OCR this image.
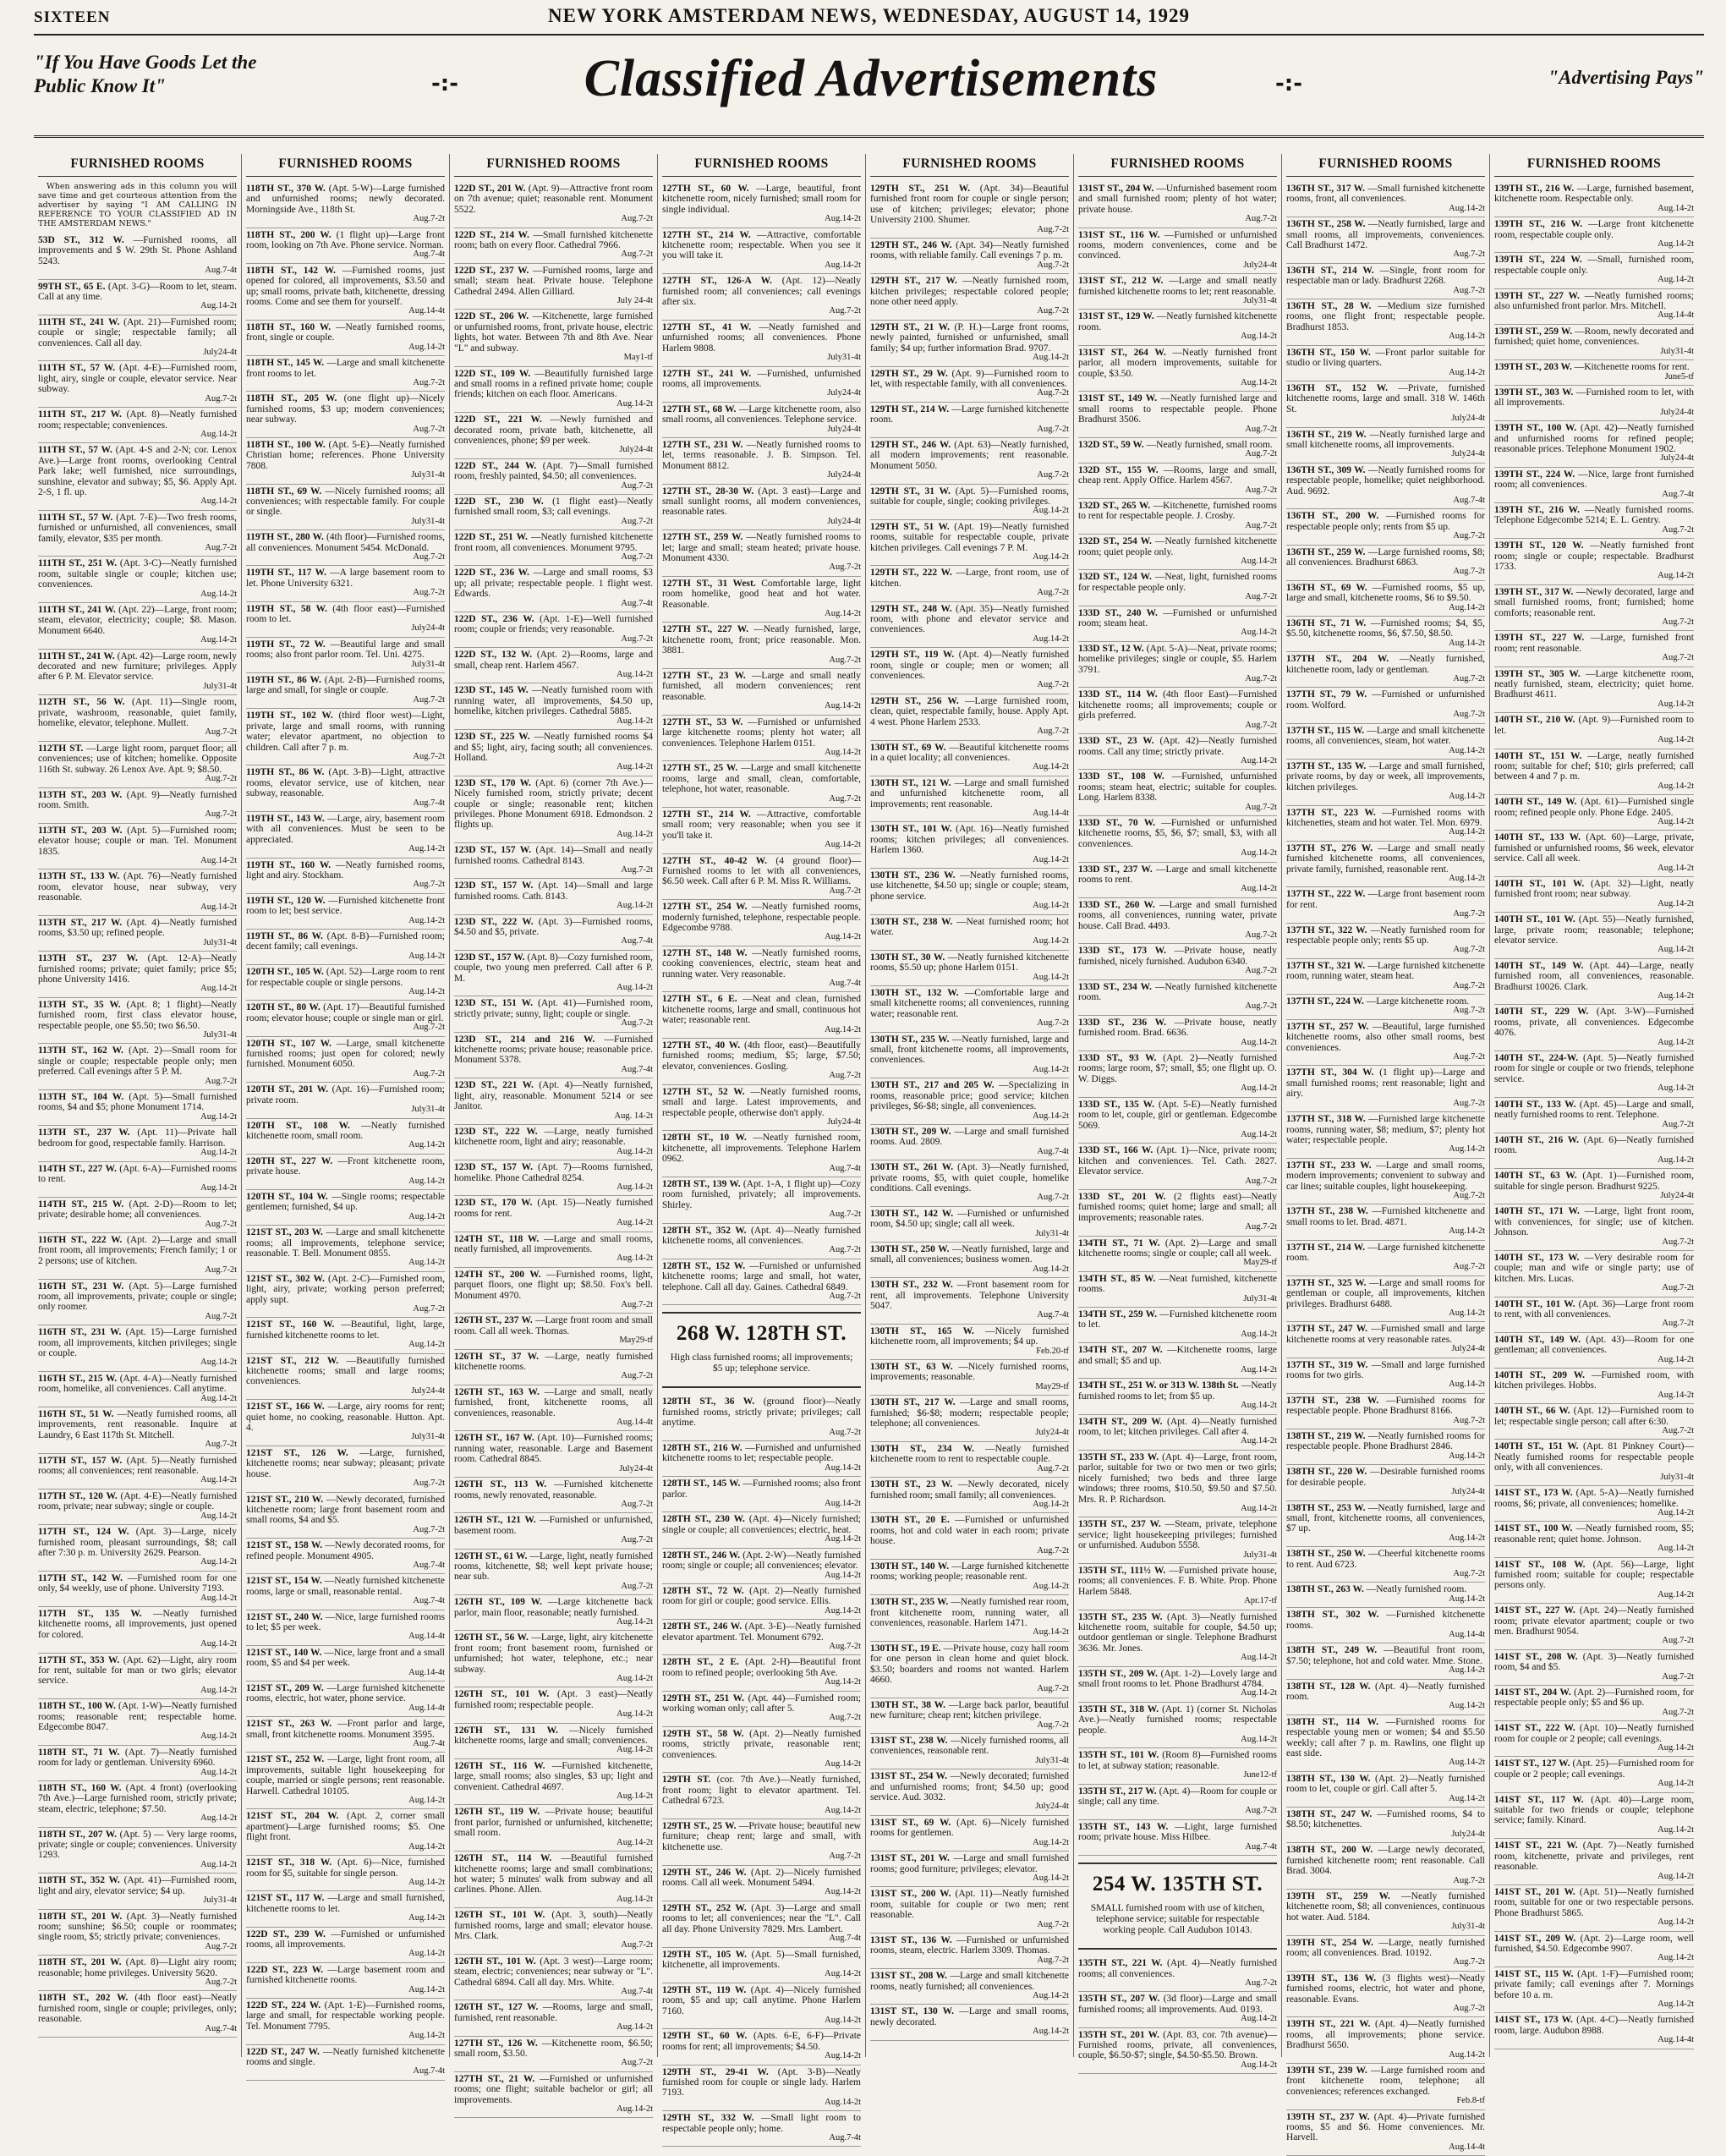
SIXTEEN	NEW YORK AMSTERDAM NEWS, WEDNESDAY, AUGUST 14, 1929
"If You Have Goods Let the Public Know It"	-:-	Classified Advertisements	-:-	"Advertising Pays"
FURNISHED ROOMS
When answering ads in this column you will save time and get courteous attention from the advertiser by saying "I AM CALLING IN REFERENCE TO YOUR CLASSIFIED AD IN THE AMSTERDAM NEWS."
53D ST., 312 W. —Furnished rooms, all improvements and $ W. 29th St. Phone Ashland 5243.
Aug.7-4t
99TH ST., 65 E. (Apt. 3-G)—Room to let, steam. Call at any time.
Aug.14-2t
111TH ST., 241 W. (Apt. 21)—Furnished room; couple or single; respectable family; all conveniences. Call all day.
July24-4t
111TH ST., 57 W. (Apt. 4-E)—Furnished room, light, airy, single or couple, elevator service. Near subway.
Aug.7-2t
111TH ST., 217 W. (Apt. 8)—Neatly furnished room; respectable; conveniences.
Aug.14-2t
111TH ST., 57 W. (Apt. 4-S and 2-N; cor. Lenox Ave.)—Large front rooms, overlooking Central Park lake; well furnished, nice surroundings, sunshine, elevator and subway; $5, $6. Apply Apt. 2-S, 1 fl. up.
Aug.14-2t
111TH ST., 57 W. (Apt. 7-E)—Two fresh rooms, furnished or unfurnished, all conveniences, small family, elevator, $35 per month.
Aug.7-2t
111TH ST., 251 W. (Apt. 3-C)—Neatly furnished room, suitable single or couple; kitchen use; conveniences.
Aug.14-2t
111TH ST., 241 W. (Apt. 22)—Large, front room; steam, elevator, electricity; couple; $8. Mason. Monument 6640.
Aug.14-2t
111TH ST., 241 W. (Apt. 42)—Large room, newly decorated and new furniture; privileges. Apply after 6 P. M. Elevator service.
July31-4t
112TH ST., 56 W. (Apt. 11)—Single room, private, washroom, reasonable, quiet family, homelike, elevator, telephone. Mullett.
Aug.7-2t
112TH ST. —Large light room, parquet floor; all conveniences; use of kitchen; homelike. Opposite 116th St. subway. 26 Lenox Ave. Apt. 9; $8.50.
Aug.7-2t
113TH ST., 203 W. (Apt. 9)—Neatly furnished room. Smith.
Aug.7-2t
113TH ST., 203 W. (Apt. 5)—Furnished room; elevator house; couple or man. Tel. Monument 1835.
Aug.14-2t
113TH ST., 133 W. (Apt. 76)—Neatly furnished room, elevator house, near subway, very reasonable.
Aug.14-2t
113TH ST., 217 W. (Apt. 4)—Neatly furnished rooms, $3.50 up; refined people.
July31-4t
113TH ST., 237 W. (Apt. 12-A)—Neatly furnished rooms; private; quiet family; price $5; phone University 1416.
Aug.14-2t
113TH ST., 35 W. (Apt. 8; 1 flight)—Neatly furnished room, first class elevator house, respectable people, one $5.50; two $6.50.
July31-4t
113TH ST., 162 W. (Apt. 2)—Small room for single or couple; respectable people only; men preferred. Call evenings after 5 P. M.
Aug.7-2t
113TH ST., 104 W. (Apt. 5)—Small furnished rooms, $4 and $5; phone Monument 1714.
Aug.14-2t
113TH ST., 237 W. (Apt. 11)—Private hall bedroom for good, respectable family. Harrison.
Aug.14-2t
114TH ST., 227 W. (Apt. 6-A)—Furnished rooms to rent.
Aug.14-2t
114TH ST., 215 W. (Apt. 2-D)—Room to let; private; desirable home; all conveniences.
Aug.7-2t
116TH ST., 222 W. (Apt. 2)—Large and small front room, all improvements; French family; 1 or 2 persons; use of kitchen.
Aug.7-2t
116TH ST., 231 W. (Apt. 5)—Large furnished room, all improvements, private; couple or single; only roomer.
Aug.7-2t
116TH ST., 231 W. (Apt. 15)—Large furnished room, all improvements, kitchen privileges; single or couple.
Aug.14-2t
116TH ST., 215 W. (Apt. 4-A)—Neatly furnished room, homelike, all conveniences. Call anytime.
Aug.14-2t
116TH ST., 51 W. —Neatly furnished rooms, all improvements, rent reasonable. Inquire at Laundry, 6 East 117th St. Mitchell.
Aug.7-2t
117TH ST., 157 W. (Apt. 5)—Neatly furnished rooms; all conveniences; rent reasonable.
Aug.14-2t
117TH ST., 120 W. (Apt. 4-E)—Neatly furnished room, private; near subway; single or couple.
Aug.14-2t
117TH ST., 124 W. (Apt. 3)—Large, nicely furnished room, pleasant surroundings, $8; call after 7:30 p. m. University 2629. Pearson.
Aug.14-2t
117TH ST., 142 W. —Furnished room for one only, $4 weekly, use of phone. University 7193.
Aug.14-2t
117TH ST., 135 W. —Neatly furnished kitchenette rooms, all improvements, just opened for colored.
Aug.14-2t
117TH ST., 353 W. (Apt. 62)—Light, airy room for rent, suitable for man or two girls; elevator service.
Aug.14-2t
118TH ST., 100 W. (Apt. 1-W)—Neatly furnished rooms; reasonable rent; respectable home. Edgecombe 8047.
Aug.14-2t
118TH ST., 71 W. (Apt. 7)—Neatly furnished room for lady or gentleman. University 6960.
Aug.14-2t
118TH ST., 160 W. (Apt. 4 front) (overlooking 7th Ave.)—Large furnished room, strictly private; steam, electric, telephone; $7.50.
Aug.14-2t
118TH ST., 207 W. (Apt. 5) — Very large rooms, private; single or couple; conveniences. University 1293.
Aug.14-2t
118TH ST., 352 W. (Apt. 41)—Furnished room, light and airy, elevator service; $4 up.
July31-4t
118TH ST., 201 W. (Apt. 3)—Neatly furnished room; sunshine; $6.50; couple or roommates; single room, $5; strictly private; conveniences.
Aug.7-2t
118TH ST., 201 W. (Apt. 8)—Light airy room; reasonable; home privileges. University 5620.
Aug.7-2t
118TH ST., 202 W. (4th floor east)—Neatly furnished room, single or couple; privileges, only; reasonable.
Aug.7-4t
FURNISHED ROOMS
118TH ST., 370 W. (Apt. 5-W)—Large furnished and unfurnished rooms; newly decorated. Morningside Ave., 118th St.
Aug.7-2t
118TH ST., 200 W. (1 flight up)—Large front room, looking on 7th Ave. Phone service. Norman.
Aug.7-4t
118TH ST., 142 W. —Furnished rooms, just opened for colored, all improvements, $3.50 and up; small rooms, private bath, kitchenette, dressing rooms. Come and see them for yourself.
Aug.14-4t
118TH ST., 160 W. —Neatly furnished rooms, front, single or couple.
Aug.14-2t
118TH ST., 145 W. —Large and small kitchenette front rooms to let.
Aug.7-2t
118TH ST., 205 W. (one flight up)—Nicely furnished rooms, $3 up; modern conveniences; near subway.
Aug.7-2t
118TH ST., 100 W. (Apt. 5-E)—Neatly furnished Christian home; references. Phone University 7808.
July31-4t
118TH ST., 69 W. —Nicely furnished rooms; all conveniences; with respectable family. For couple or single.
July31-4t
119TH ST., 280 W. (4th floor)—Furnished rooms, all conveniences. Monument 5454. McDonald.
Aug.7-2t
119TH ST., 117 W. —A large basement room to let. Phone University 6321.
Aug.7-2t
119TH ST., 58 W. (4th floor east)—Furnished room to let.
July24-4t
119TH ST., 72 W. —Beautiful large and small rooms; also front parlor room. Tel. Uni. 4275.
July31-4t
119TH ST., 86 W. (Apt. 2-B)—Furnished rooms, large and small, for single or couple.
Aug.7-2t
119TH ST., 102 W. (third floor west)—Light, private, large and small rooms, with running water; elevator apartment, no objection to children. Call after 7 p. m.
Aug.7-2t
119TH ST., 86 W. (Apt. 3-B)—Light, attractive rooms, elevator service, use of kitchen, near subway, reasonable.
Aug.7-4t
119TH ST., 143 W. —Large, airy, basement room with all conveniences. Must be seen to be appreciated.
Aug.14-2t
119TH ST., 160 W. —Neatly furnished rooms, light and airy. Stockham.
Aug.7-2t
119TH ST., 120 W. —Furnished kitchenette front room to let; best service.
Aug.14-2t
119TH ST., 86 W. (Apt. 8-B)—Furnished room; decent family; call evenings.
Aug.14-2t
120TH ST., 105 W. (Apt. 52)—Large room to rent for respectable couple or single persons.
Aug.14-2t
120TH ST., 80 W. (Apt. 17)—Beautiful furnished room; elevator house; couple or single man or girl.
Aug.7-2t
120TH ST., 107 W. —Large, small kitchenette furnished rooms; just open for colored; newly furnished. Monument 6050.
Aug.7-2t
120TH ST., 201 W. (Apt. 16)—Furnished room; private room.
July31-4t
120TH ST., 108 W. —Neatly furnished kitchenette room, small room.
Aug.14-2t
120TH ST., 227 W. —Front kitchenette room, private house.
Aug.14-2t
120TH ST., 104 W. —Single rooms; respectable gentlemen; furnished, $4 up.
Aug.14-2t
121ST ST., 203 W. —Large and small kitchenette rooms; all improvements, telephone service; reasonable. T. Bell. Monument 0855.
Aug.14-2t
121ST ST., 302 W. (Apt. 2-C)—Furnished room, light, airy, private; working person preferred; apply supt.
Aug.7-2t
121ST ST., 160 W. —Beautiful, light, large, furnished kitchenette rooms to let.
Aug.14-2t
121ST ST., 212 W. —Beautifully furnished kitchenette rooms; small and large rooms; conveniences.
July24-4t
121ST ST., 166 W. —Large, airy rooms for rent; quiet home, no cooking, reasonable. Hutton. Apt. 4.
July31-4t
121ST ST., 126 W. —Large, furnished, kitchenette rooms; near subway; pleasant; private house.
Aug.7-2t
121ST ST., 210 W. —Newly decorated, furnished kitchenette room; large front basement room and small rooms, $4 and $5.
Aug.7-2t
121ST ST., 158 W. —Newly decorated rooms, for refined people. Monument 4905.
Aug.7-4t
121ST ST., 154 W. —Neatly furnished kitchenette rooms, large or small, reasonable rental.
Aug.7-4t
121ST ST., 240 W. —Nice, large furnished rooms to let; $5 per week.
Aug.14-4t
121ST ST., 140 W. —Nice, large front and a small room, $5 and $4 per week.
Aug.14-4t
121ST ST., 209 W. —Large furnished kitchenette rooms, electric, hot water, phone service.
Aug.14-4t
121ST ST., 263 W. —Front parlor and large, small, front kitchenette rooms. Monument 3595.
Aug.7-4t
121ST ST., 252 W. —Large, light front room, all improvements, suitable light housekeeping for couple, married or single persons; rent reasonable. Harwell. Cathedral 10105.
Aug.14-2t
121ST ST., 204 W. (Apt. 2, corner small apartment)—Large furnished rooms; $5. One flight front.
Aug.14-2t
121ST ST., 318 W. (Apt. 6)—Nice, furnished room for $5, suitable for single person.
Aug.14-2t
121ST ST., 117 W. —Large and small furnished, kitchenette rooms to let.
Aug.14-2t
122D ST., 239 W. —Furnished or unfurnished rooms, all improvements.
Aug.14-2t
122D ST., 223 W. —Large basement room and furnished kitchenette rooms.
Aug.14-2t
122D ST., 224 W. (Apt. 1-E)—Furnished rooms, large and small, for respectable working people. Tel. Monument 7795.
Aug.14-2t
122D ST., 247 W. —Neatly furnished kitchenette rooms and single.
Aug.7-4t
FURNISHED ROOMS
122D ST., 201 W. (Apt. 9)—Attractive front room on 7th avenue; quiet; reasonable rent. Monument 5522.
Aug.7-2t
122D ST., 214 W. —Small furnished kitchenette room; bath on every floor. Cathedral 7966.
Aug.7-2t
122D ST., 237 W. —Furnished rooms, large and small; steam heat. Private house. Telephone Cathedral 2494. Allen Gilliard.
July 24-4t
122D ST., 206 W. —Kitchenette, large furnished or unfurnished rooms, front, private house, electric lights, hot water. Between 7th and 8th Ave. Near "L" and subway.
May1-tf
122D ST., 109 W. —Beautifully furnished large and small rooms in a refined private home; couple friends; kitchen on each floor. Americans.
Aug.14-2t
122D ST., 221 W. —Newly furnished and decorated room, private bath, kitchenette, all conveniences, phone; $9 per week.
July24-4t
122D ST., 244 W. (Apt. 7)—Small furnished room, freshly painted, $4.50; all conveniences.
Aug.7-2t
122D ST., 230 W. (1 flight east)—Neatly furnished small room, $3; call evenings.
Aug.7-2t
122D ST., 251 W. —Neatly furnished kitchenette front room, all conveniences. Monument 9795.
Aug.7-2t
122D ST., 236 W. —Large and small rooms, $3 up; all private; respectable people. 1 flight west. Edwards.
Aug.7-4t
122D ST., 236 W. (Apt. 1-E)—Well furnished room; couple or friends; very reasonable.
Aug.7-2t
122D ST., 132 W. (Apt. 2)—Rooms, large and small, cheap rent. Harlem 4567.
Aug.14-2t
123D ST., 145 W. —Neatly furnished room with running water, all improvements, $4.50 up, homelike, kitchen privileges. Cathedral 5885.
Aug.14-2t
123D ST., 225 W. —Neatly furnished rooms $4 and $5; light, airy, facing south; all conveniences. Holland.
Aug.14-2t
123D ST., 170 W. (Apt. 6) (corner 7th Ave.)—Nicely furnished room, strictly private; decent couple or single; reasonable rent; kitchen privileges. Phone Monument 6918. Edmondson. 2 flights up.
Aug.14-2t
123D ST., 157 W. (Apt. 14)—Small and neatly furnished rooms. Cathedral 8143.
Aug.7-2t
123D ST., 157 W. (Apt. 14)—Small and large furnished rooms. Cath. 8143.
Aug.14-2t
123D ST., 222 W. (Apt. 3)—Furnished rooms, $4.50 and $5, private.
Aug.7-4t
123D ST., 157 W. (Apt. 8)—Cozy furnished room, couple, two young men preferred. Call after 6 P. M.
Aug.14-2t
123D ST., 151 W. (Apt. 41)—Furnished room, strictly private; sunny, light; couple or single.
Aug.7-2t
123D ST., 214 and 216 W. —Furnished kitchenette rooms; private house; reasonable price. Monument 5378.
Aug.7-4t
123D ST., 221 W. (Apt. 4)—Neatly furnished, light, airy, reasonable. Monument 5214 or see Janitor.
Aug. 14-2t
123D ST., 222 W. —Large, neatly furnished kitchenette room, light and airy; reasonable.
Aug.14-2t
123D ST., 157 W. (Apt. 7)—Rooms furnished, homelike. Phone Cathedral 8254.
Aug.14-2t
123D ST., 170 W. (Apt. 15)—Neatly furnished rooms for rent.
Aug.14-2t
124TH ST., 118 W. —Large and small rooms, neatly furnished, all improvements.
Aug.14-2t
124TH ST., 200 W. —Furnished rooms, light, parquet floors, one flight up; $8.50. Fox's bell. Monument 4970.
Aug.7-2t
126TH ST., 237 W. —Large front room and small room. Call all week. Thomas.
May29-tf
126TH ST., 37 W. —Large, neatly furnished kitchenette rooms.
Aug.7-2t
126TH ST., 163 W. —Large and small, neatly furnished, front, kitchenette rooms, all conveniences, reasonable.
Aug.14-4t
126TH ST., 167 W. (Apt. 10)—Furnished rooms; running water, reasonable. Large and Basement room. Cathedral 8845.
July24-4t
126TH ST., 113 W. —Furnished kitchenette rooms, newly renovated, reasonable.
Aug.7-2t
126TH ST., 121 W. —Furnished or unfurnished, basement room.
Aug.7-2t
126TH ST., 61 W. —Large, light, neatly furnished rooms, kitchenette, $8; well kept private house; near sub.
Aug.7-2t
126TH ST., 109 W. —Large kitchenette back parlor, main floor, reasonable; neatly furnished.
Aug.14-2t
126TH ST., 56 W. —Large, light, airy kitchenette front room; front basement room, furnished or unfurnished; hot water, telephone, etc.; near subway.
Aug.14-2t
126TH ST., 101 W. (Apt. 3 east)—Neatly furnished room; respectable people.
Aug.14-2t
126TH ST., 131 W. —Nicely furnished kitchenette rooms, large and small; conveniences.
Aug.14-2t
126TH ST., 116 W. —Furnished kitchenette, large, small rooms; also singles, $3 up; light and convenient. Cathedral 4697.
Aug.14-2t
126TH ST., 119 W. —Private house; beautiful front parlor, furnished or unfurnished, kitchenette; small room.
Aug.14-2t
126TH ST., 114 W. —Beautiful furnished kitchenette rooms; large and small combinations; hot water; 5 minutes' walk from subway and all carlines. Phone. Allen.
Aug.14-2t
126TH ST., 101 W. (Apt. 3, south)—Neatly furnished rooms, large and small; elevator house. Mrs. Clark.
Aug.7-2t
126TH ST., 101 W. (Apt. 3 west)—Large room; steam, electric; conveniences; near subway or "L". Cathedral 6894. Call all day. Mrs. White.
Aug.7-4t
126TH ST., 127 W. —Rooms, large and small, furnished, rent reasonable.
Aug.14-2t
127TH ST., 126 W. —Kitchenette room, $6.50; small room, $3.50.
Aug.7-2t
127TH ST., 21 W. —Furnished or unfurnished rooms; one flight; suitable bachelor or girl; all improvements.
Aug.14-2t
FURNISHED ROOMS
127TH ST., 60 W. —Large, beautiful, front kitchenette room, nicely furnished; small room for single individual.
Aug.14-2t
127TH ST., 214 W. —Attractive, comfortable kitchenette room; respectable. When you see it you will take it.
Aug.14-2t
127TH ST., 126-A W. (Apt. 12)—Neatly furnished room; all conveniences; call evenings after six.
Aug.7-2t
127TH ST., 41 W. —Neatly furnished and unfurnished rooms; all conveniences. Phone Harlem 9808.
July31-4t
127TH ST., 241 W. —Furnished, unfurnished rooms, all improvements.
July24-4t
127TH ST., 68 W. —Large kitchenette room, also small rooms, all conveniences. Telephone service.
July24-4t
127TH ST., 231 W. —Neatly furnished rooms to let, terms reasonable. J. B. Simpson. Tel. Monument 8812.
July24-4t
127TH ST., 28-30 W. (Apt. 3 east)—Large and small sunlight rooms, all modern conveniences, reasonable rates.
July24-4t
127TH ST., 259 W. —Neatly furnished rooms to let; large and small; steam heated; private house. Monument 4330.
Aug.7-2t
127TH ST., 31 West. Comfortable large, light room homelike, good heat and hot water. Reasonable.
Aug.14-2t
127TH ST., 227 W. —Neatly furnished, large, kitchenette room, front; price reasonable. Mon. 3881.
Aug.7-2t
127TH ST., 23 W. —Large and small neatly furnished, all modern conveniences; rent reasonable.
Aug.14-2t
127TH ST., 53 W. —Furnished or unfurnished large kitchenette rooms; plenty hot water; all conveniences. Telephone Harlem 0151.
Aug.14-2t
127TH ST., 25 W. —Large and small kitchenette rooms, large and small, clean, comfortable, telephone, hot water, reasonable.
Aug.7-2t
127TH ST., 214 W. —Attractive, comfortable small room; very reasonable; when you see it you'll take it.
Aug.14-2t
127TH ST., 40-42 W. (4 ground floor)—Furnished rooms to let with all conveniences, $6.50 week. Call after 6 P. M. Miss R. Williams.
Aug.7-2t
127TH ST., 254 W. —Neatly furnished rooms, modernly furnished, telephone, respectable people. Edgecombe 9788.
Aug.14-2t
127TH ST., 148 W. —Neatly furnished rooms, cooking conveniences, electric, steam heat and running water. Very reasonable.
Aug.7-4t
127TH ST., 6 E. —Neat and clean, furnished kitchenette rooms, large and small, continuous hot water; reasonable rent.
Aug.14-2t
127TH ST., 40 W. (4th floor, east)—Beautifully furnished rooms; medium, $5; large, $7.50; elevator, conveniences. Gosling.
Aug.7-2t
127TH ST., 52 W. —Neatly furnished rooms, small and large. Latest improvements, and respectable people, otherwise don't apply.
July24-4t
128TH ST., 10 W. —Neatly furnished room, kitchenette, all improvements. Telephone Harlem 0962.
Aug.7-4t
128TH ST., 139 W. (Apt. 1-A, 1 flight up)—Cozy room furnished, privately; all improvements. Shirley.
Aug.7-2t
128TH ST., 352 W. (Apt. 4)—Neatly furnished kitchenette rooms, all conveniences.
Aug.7-2t
128TH ST., 152 W. —Furnished or unfurnished kitchenette rooms; large and small, hot water, telephone. Call all day. Gaines. Cathedral 6849.
Aug.7-2t
268 W. 128TH ST.
High class furnished rooms; all improvements; $5 up; telephone service.
128TH ST., 36 W. (ground floor)—Neatly furnished rooms, strictly private; privileges; call anytime.
Aug.7-2t
128TH ST., 216 W. —Furnished and unfurnished kitchenette rooms to let; respectable people.
Aug.14-2t
128TH ST., 145 W. —Furnished rooms; also front parlor.
Aug.14-2t
128TH ST., 230 W. (Apt. 4)—Nicely furnished; single or couple; all conveniences; electric, heat.
Aug.14-2t
128TH ST., 246 W. (Apt. 2-W)—Neatly furnished room; single or couple; all conveniences; elevator.
Aug.14-2t
128TH ST., 72 W. (Apt. 2)—Neatly furnished room for girl or couple; good service. Ellis.
Aug.14-2t
128TH ST., 246 W. (Apt. 3-E)—Neatly furnished elevator apartment. Tel. Monument 6792.
Aug.7-2t
128TH ST., 2 E. (Apt. 2-H)—Beautiful front room to refined people; overlooking 5th Ave.
Aug.14-2t
129TH ST., 251 W. (Apt. 44)—Furnished room; working woman only; call after 5.
Aug.7-2t
129TH ST., 58 W. (Apt. 2)—Neatly furnished rooms, strictly private, reasonable rent; conveniences.
Aug.14-2t
129TH ST. (cor. 7th Ave.)—Neatly furnished, front room; light to elevator apartment. Tel. Cathedral 6723.
Aug.14-2t
129TH ST., 25 W. —Private house; beautiful new furniture; cheap rent; large and small, with kitchenette use.
Aug.7-2t
129TH ST., 246 W. (Apt. 2)—Nicely furnished rooms. Call all week. Monument 5494.
Aug.14-2t
129TH ST., 252 W. (Apt. 3)—Large and small rooms to let; all conveniences; near the "L". Call all day. Phone University 7829. Mrs. Lambert.
Aug.7-4t
129TH ST., 105 W. (Apt. 5)—Small furnished, kitchenette, all improvements.
Aug.14-2t
129TH ST., 119 W. (Apt. 4)—Nicely furnished room, $5 and up; call anytime. Phone Harlem 7160.
Aug.14-2t
129TH ST., 60 W. (Apts. 6-E, 6-F)—Private rooms for rent; all improvements; $4.50.
Aug.14-2t
129TH ST., 29-41 W. (Apt. 3-B)—Neatly furnished room for couple or single lady. Harlem 7193.
Aug.14-2t
129TH ST., 332 W. —Small light room to respectable people only; home.
Aug.7-4t
FURNISHED ROOMS
129TH ST., 251 W. (Apt. 34)—Beautiful furnished front room for couple or single person; use of kitchen; privileges; elevator; phone University 2100. Shumer.
Aug.7-2t
129TH ST., 246 W. (Apt. 34)—Neatly furnished rooms, with reliable family. Call evenings 7 p. m.
Aug.7-2t
129TH ST., 217 W. —Neatly furnished room, kitchen privileges; respectable colored people; none other need apply.
Aug.7-2t
129TH ST., 21 W. (P. H.)—Large front rooms, newly painted, furnished or unfurnished, small family; $4 up; further information Brad. 9707.
Aug.14-2t
129TH ST., 29 W. (Apt. 9)—Furnished room to let, with respectable family, with all conveniences.
Aug.7-2t
129TH ST., 214 W. —Large furnished kitchenette room.
Aug.7-2t
129TH ST., 246 W. (Apt. 63)—Neatly furnished, all modern improvements; rent reasonable. Monument 5050.
Aug.7-2t
129TH ST., 31 W. (Apt. 5)—Furnished rooms, suitable for couple, single; cooking privileges.
Aug.14-2t
129TH ST., 51 W. (Apt. 19)—Neatly furnished rooms, suitable for respectable couple, private kitchen privileges. Call evenings 7 P. M.
Aug.14-2t
129TH ST., 222 W. —Large, front room, use of kitchen.
Aug.7-2t
129TH ST., 248 W. (Apt. 35)—Neatly furnished room, with phone and elevator service and conveniences.
Aug.14-2t
129TH ST., 119 W. (Apt. 4)—Neatly furnished room, single or couple; men or women; all conveniences.
Aug.7-2t
129TH ST., 256 W. —Large furnished room, clean, quiet, respectable family, house. Apply Apt. 4 west. Phone Harlem 2533.
Aug.7-2t
130TH ST., 69 W. —Beautiful kitchenette rooms in a quiet locality; all conveniences.
Aug.14-2t
130TH ST., 121 W. —Large and small furnished and unfurnished kitchenette room, all improvements; rent reasonable.
Aug.14-4t
130TH ST., 101 W. (Apt. 16)—Neatly furnished rooms; kitchen privileges; all conveniences. Harlem 1360.
Aug.14-2t
130TH ST., 236 W. —Neatly furnished rooms, use kitchenette, $4.50 up; single or couple; steam, phone service.
Aug.14-2t
130TH ST., 238 W. —Neat furnished room; hot water.
Aug.14-2t
130TH ST., 30 W. —Neatly furnished kitchenette rooms, $5.50 up; phone Harlem 0151.
Aug.14-2t
130TH ST., 132 W. —Comfortable large and small kitchenette rooms; all conveniences, running water; reasonable rent.
Aug.7-2t
130TH ST., 235 W. —Neatly furnished, large and small, front kitchenette rooms, all improvements, conveniences.
Aug.14-2t
130TH ST., 217 and 205 W. —Specializing in rooms, reasonable price; good service; kitchen privileges, $6-$8; single, all conveniences.
Aug.14-2t
130TH ST., 209 W. —Large and small furnished rooms. Aud. 2809.
Aug.7-4t
130TH ST., 261 W. (Apt. 3)—Neatly furnished, private rooms, $5, with quiet couple, homelike conditions. Call evenings.
Aug.7-2t
130TH ST., 142 W. —Furnished or unfurnished room, $4.50 up; single; call all week.
July31-4t
130TH ST., 250 W. —Neatly furnished, large and small, all conveniences; business women.
Aug.14-2t
130TH ST., 232 W. —Front basement room for rent, all improvements. Telephone University 5047.
Aug.7-4t
130TH ST., 165 W. —Nicely furnished kitchenette room, all improvements; $4 up.
Feb.20-tf
130TH ST., 63 W. —Nicely furnished rooms, improvements; reasonable.
May29-tf
130TH ST., 217 W. —Large and small rooms, furnished; $6-$8; modern; respectable people; telephone; all conveniences.
July24-4t
130TH ST., 234 W. —Neatly furnished kitchenette room to rent to respectable couple.
Aug.7-2t
130TH ST., 23 W. —Newly decorated, nicely furnished room; small family; all conveniences.
Aug.14-2t
130TH ST., 20 E. —Furnished or unfurnished rooms, hot and cold water in each room; private house.
Aug.7-2t
130TH ST., 140 W. —Large furnished kitchenette rooms; working people; reasonable rent.
Aug.14-2t
130TH ST., 235 W. —Neatly furnished rear room, front kitchenette room, running water, all conveniences, reasonable. Harlem 1471.
Aug.14-2t
130TH ST., 19 E. —Private house, cozy hall room for one person in clean home and quiet block. $3.50; boarders and rooms not wanted. Harlem 4660.
Aug.7-2t
130TH ST., 38 W. —Large back parlor, beautiful new furniture; cheap rent; kitchen privilege.
Aug.7-2t
131ST ST., 238 W. —Nicely furnished rooms, all conveniences, reasonable rent.
July31-4t
131ST ST., 254 W. —Newly decorated; furnished and unfurnished rooms; front; $4.50 up; good service. Aud. 3032.
July24-4t
131ST ST., 69 W. (Apt. 6)—Nicely furnished rooms for gentlemen.
Aug.14-2t
131ST ST., 201 W. —Large and small furnished rooms; good furniture; privileges; elevator.
Aug.14-2t
131ST ST., 200 W. (Apt. 11)—Neatly furnished room, suitable for couple or two men; rent reasonable.
Aug.7-2t
131ST ST., 136 W. —Furnished or unfurnished rooms, steam, electric. Harlem 3309. Thomas.
Aug.7-2t
131ST ST., 208 W. —Large and small kitchenette rooms, neatly furnished; all conveniences.
Aug.14-2t
131ST ST., 130 W. —Large and small rooms, newly decorated.
Aug.14-2t
FURNISHED ROOMS
131ST ST., 204 W. —Unfurnished basement room and small furnished room; plenty of hot water; private house.
Aug.7-2t
131ST ST., 116 W. —Furnished or unfurnished rooms, modern conveniences, come and be convinced.
July24-4t
131ST ST., 212 W. —Large and small neatly furnished kitchenette rooms to let; rent reasonable.
July31-4t
131ST ST., 129 W. —Neatly furnished kitchenette room.
Aug.14-2t
131ST ST., 264 W. —Neatly furnished front parlor, all modern improvements, suitable for couple, $3.50.
Aug.14-2t
131ST ST., 149 W. —Neatly furnished large and small rooms to respectable people. Phone Bradhurst 3506.
Aug.7-2t
132D ST., 59 W. —Neatly furnished, small room.
Aug.7-2t
132D ST., 155 W. —Rooms, large and small, cheap rent. Apply Office. Harlem 4567.
Aug.7-2t
132D ST., 265 W. —Kitchenette, furnished rooms to rent for respectable people. J. Crosby.
Aug.7-2t
132D ST., 254 W. —Neatly furnished kitchenette room; quiet people only.
Aug.14-2t
132D ST., 124 W. —Neat, light, furnished rooms for respectable people only.
Aug.7-2t
133D ST., 240 W. —Furnished or unfurnished room; steam heat.
Aug.14-2t
133D ST., 12 W. (Apt. 5-A)—Neat, private rooms; homelike privileges; single or couple, $5. Harlem 3791.
Aug.7-2t
133D ST., 114 W. (4th floor East)—Furnished kitchenette rooms; all improvements; couple or girls preferred.
Aug.7-2t
133D ST., 23 W. (Apt. 42)—Neatly furnished rooms. Call any time; strictly private.
Aug.14-2t
133D ST., 108 W. —Furnished, unfurnished rooms; steam heat, electric; suitable for couples. Long. Harlem 8338.
Aug.7-2t
133D ST., 70 W. —Furnished or unfurnished kitchenette rooms, $5, $6, $7; small, $3, with all conveniences.
Aug.14-2t
133D ST., 237 W. —Large and small kitchenette rooms to rent.
Aug.14-2t
133D ST., 260 W. —Large and small furnished rooms, all conveniences, running water, private house. Call Brad. 4493.
Aug.7-2t
133D ST., 173 W. —Private house, neatly furnished, nicely furnished. Audubon 6340.
Aug.7-2t
133D ST., 234 W. —Neatly furnished kitchenette room.
Aug.7-2t
133D ST., 236 W. —Private house, neatly furnished room. Brad. 6636.
Aug.14-2t
133D ST., 93 W. (Apt. 2)—Neatly furnished rooms; large room, $7; small, $5; one flight up. O. W. Diggs.
Aug.14-2t
133D ST., 135 W. (Apt. 5-E)—Neatly furnished room to let, couple, girl or gentleman. Edgecombe 5069.
Aug.14-2t
133D ST., 166 W. (Apt. 1)—Nice, private room; kitchen and conveniences. Tel. Cath. 2827. Elevator service.
Aug.7-2t
133D ST., 201 W. (2 flights east)—Neatly furnished rooms; quiet home; large and small; all improvements; reasonable rates.
Aug.7-2t
134TH ST., 71 W. (Apt. 2)—Large and small kitchenette rooms; single or couple; call all week.
May29-tf
134TH ST., 85 W. —Neat furnished, kitchenette rooms.
July31-4t
134TH ST., 259 W. —Furnished kitchenette room to let.
Aug.14-2t
134TH ST., 207 W. —Kitchenette rooms, large and small; $5 and up.
Aug.14-2t
134TH ST., 251 W. or 313 W. 138th St. —Neatly furnished rooms to let; from $5 up.
Aug.14-2t
134TH ST., 209 W. (Apt. 4)—Neatly furnished room, to let; kitchen privileges. Call after 4.
Aug.14-2t
135TH ST., 233 W. (Apt. 4)—Large, front room, parlor, suitable for two or two men or two girls; nicely furnished; two beds and three large windows; three rooms, $10.50, $9.50 and $7.50. Mrs. R. P. Richardson.
Aug.14-2t
135TH ST., 237 W. —Steam, private, telephone service; light housekeeping privileges; furnished or unfurnished. Audubon 5558.
July31-4t
135TH ST., 111½ W. —Furnished private house, rooms; all conveniences. F. B. White. Prop. Phone Harlem 5848.
Apr.17-tf
135TH ST., 235 W. (Apt. 3)—Neatly furnished kitchenette room, suitable for couple, $4.50 up; outdoor gentleman or single. Telephone Bradhurst 3636. Mr. Jones.
Aug.14-2t
135TH ST., 209 W. (Apt. 1-2)—Lovely large and small front rooms to let. Phone Bradhurst 4784.
Aug.14-2t
135TH ST., 318 W. (Apt. 1) (corner St. Nicholas Ave.)—Neatly furnished rooms; respectable people.
Aug.14-2t
135TH ST., 101 W. (Room 8)—Furnished rooms to let, at subway station; reasonable.
June12-tf
135TH ST., 217 W. (Apt. 4)—Room for couple or single; call any time.
Aug.7-2t
135TH ST., 143 W. —Light, large furnished room; private house. Miss Hilbee.
Aug.7-4t
254 W. 135TH ST.
SMALL furnished room with use of kitchen, telephone service; suitable for respectable working people. Call Audubon 10143.
135TH ST., 221 W. (Apt. 4)—Neatly furnished rooms; all conveniences.
Aug.7-2t
135TH ST., 207 W. (3d floor)—Large and small furnished rooms; all improvements. Aud. 0193.
Aug.14-2t
135TH ST., 201 W. (Apt. 83, cor. 7th avenue)—Furnished rooms, private, all conveniences, couple, $6.50-$7; single, $4.50-$5.50. Brown.
Aug.14-2t
FURNISHED ROOMS
136TH ST., 317 W. —Small furnished kitchenette rooms, front, all conveniences.
Aug.14-2t
136TH ST., 258 W. —Neatly furnished, large and small rooms, all improvements, conveniences. Call Bradhurst 1472.
Aug.7-2t
136TH ST., 214 W. —Single, front room for respectable man or lady. Bradhurst 2268.
Aug.7-2t
136TH ST., 28 W. —Medium size furnished rooms, one flight front; respectable people. Bradhurst 1853.
Aug.14-2t
136TH ST., 150 W. —Front parlor suitable for studio or living quarters.
Aug.14-2t
136TH ST., 152 W. —Private, furnished kitchenette rooms, large and small. 318 W. 146th St.
July24-4t
136TH ST., 219 W. —Neatly furnished large and small kitchenette rooms, all improvements.
July24-4t
136TH ST., 309 W. —Neatly furnished rooms for respectable people, homelike; quiet neighborhood. Aud. 9692.
Aug.7-4t
136TH ST., 200 W. —Furnished rooms for respectable people only; rents from $5 up.
Aug.7-2t
136TH ST., 259 W. —Large furnished rooms, $8; all conveniences. Bradhurst 6863.
Aug.7-2t
136TH ST., 69 W. —Furnished rooms, $5 up, large and small, kitchenette rooms, $6 to $9.50.
Aug.14-2t
136TH ST., 71 W. —Furnished rooms; $4, $5, $5.50, kitchenette rooms, $6, $7.50, $8.50.
Aug.14-2t
137TH ST., 204 W. —Neatly furnished, kitchenette room, lady or gentleman.
Aug.7-2t
137TH ST., 79 W. —Furnished or unfurnished room. Wolford.
Aug.7-2t
137TH ST., 115 W. —Large and small kitchenette rooms, all conveniences, steam, hot water.
Aug.14-2t
137TH ST., 135 W. —Large and small furnished, private rooms, by day or week, all improvements, kitchen privileges.
Aug.14-2t
137TH ST., 223 W. —Furnished rooms with kitchenettes, steam and hot water. Tel. Mon. 6979.
Aug.14-2t
137TH ST., 276 W. —Large and small neatly furnished kitchenette rooms, all conveniences, private family, furnished, reasonable rent.
Aug.14-2t
137TH ST., 222 W. —Large front basement room for rent.
Aug.7-2t
137TH ST., 322 W. —Neatly furnished room for respectable people only; rents $5 up.
Aug.7-2t
137TH ST., 321 W. —Large furnished kitchenette room, running water, steam heat.
Aug.7-2t
137TH ST., 224 W. —Large kitchenette room.
Aug.7-2t
137TH ST., 257 W. —Beautiful, large furnished kitchenette rooms, also other small rooms, best conveniences.
Aug.7-2t
137TH ST., 304 W. (1 flight up)—Large and small furnished rooms; rent reasonable; light and airy.
Aug.7-2t
137TH ST., 318 W. —Furnished large kitchenette rooms, running water, $8; medium, $7; plenty hot water; respectable people.
Aug.14-2t
137TH ST., 233 W. —Large and small rooms, modern improvements; convenient to subway and car lines; suitable couples, light housekeeping.
Aug.7-2t
137TH ST., 238 W. —Furnished kitchenette and small rooms to let. Brad. 4871.
Aug.14-2t
137TH ST., 214 W. —Large furnished kitchenette room.
Aug.7-2t
137TH ST., 325 W. —Large and small rooms for gentleman or couple, all improvements, kitchen privileges. Bradhurst 6488.
Aug.14-2t
137TH ST., 247 W. —Furnished small and large kitchenette rooms at very reasonable rates.
July24-4t
137TH ST., 319 W. —Small and large furnished rooms for two girls.
Aug.14-2t
137TH ST., 238 W. —Furnished rooms for respectable people. Phone Bradhurst 8166.
Aug.7-2t
138TH ST., 219 W. —Neatly furnished rooms for respectable people. Phone Bradhurst 2846.
Aug.14-2t
138TH ST., 220 W. —Desirable furnished rooms for desirable people.
July24-4t
138TH ST., 253 W. —Neatly furnished, large and small, front, kitchenette rooms, all conveniences, $7 up.
Aug.14-2t
138TH ST., 250 W. —Cheerful kitchenette rooms to rent. Aud 6723.
Aug.7-2t
138TH ST., 263 W. —Neatly furnished room.
Aug.14-2t
138TH ST., 302 W. —Furnished kitchenette rooms.
Aug.14-4t
138TH ST., 249 W. —Beautiful front room, $7.50; telephone, hot and cold water. Mme. Stone.
Aug.14-2t
138TH ST., 128 W. (Apt. 4)—Neatly furnished room.
Aug.14-2t
138TH ST., 114 W. —Furnished rooms for respectable young men or women; $4 and $5.50 weekly; call after 7 p. m. Rawlins, one flight up east side.
Aug.14-2t
138TH ST., 130 W. (Apt. 2)—Neatly furnished room to let, couple or girl. Call after 5.
Aug.14-2t
138TH ST., 247 W. —Furnished rooms, $4 to $8.50; kitchenettes.
July24-4t
138TH ST., 200 W. —Large newly decorated, furnished kitchenette room; rent reasonable. Call Brad. 3004.
Aug.7-2t
139TH ST., 259 W. —Neatly furnished kitchenette room, $8; all conveniences, continuous hot water. Aud. 5184.
July31-4t
139TH ST., 254 W. —Large, neatly furnished room; all conveniences. Brad. 10192.
Aug.7-2t
139TH ST., 136 W. (3 flights west)—Neatly furnished rooms, electric, hot water and phone, reasonable. Evans.
Aug.7-2t
139TH ST., 221 W. (Apt. 4)—Neatly furnished rooms, all improvements; phone service. Bradhurst 5650.
Aug.14-2t
139TH ST., 239 W. —Large furnished room and front kitchenette room, telephone; all conveniences; references exchanged.
Feb.8-tf
139TH ST., 237 W. (Apt. 4)—Private furnished rooms, $5 and $6. Home conveniences. Mr. Harvell.
Aug.14-4t
FURNISHED ROOMS
139TH ST., 216 W. —Large, furnished basement, kitchenette room. Respectable only.
Aug.14-2t
139TH ST., 216 W. —Large front kitchenette room, respectable couple only.
Aug.14-2t
139TH ST., 224 W. —Small, furnished room, respectable couple only.
Aug.14-2t
139TH ST., 227 W. —Neatly furnished rooms; also unfurnished front parlor. Mrs. Mitchell.
Aug.14-4t
139TH ST., 259 W. —Room, newly decorated and furnished; quiet home, conveniences.
July31-4t
139TH ST., 203 W. —Kitchenette rooms for rent.
June5-tf
139TH ST., 303 W. —Furnished room to let, with all improvements.
July24-4t
139TH ST., 100 W. (Apt. 42)—Neatly furnished and unfurnished rooms for refined people; reasonable prices. Telephone Monument 1902.
July24-4t
139TH ST., 224 W. —Nice, large front furnished room; all conveniences.
Aug.7-4t
139TH ST., 216 W. —Neatly furnished rooms. Telephone Edgecombe 5214; E. L. Gentry.
Aug.7-2t
139TH ST., 120 W. —Neatly furnished front room; single or couple; respectable. Bradhurst 1733.
Aug.14-2t
139TH ST., 317 W. —Newly decorated, large and small furnished rooms, front; furnished; home comforts; reasonable rent.
Aug.7-2t
139TH ST., 227 W. —Large, furnished front room; rent reasonable.
Aug.7-2t
139TH ST., 305 W. —Large kitchenette room, neatly furnished, steam, electricity; quiet home. Bradhurst 4611.
Aug.14-2t
140TH ST., 210 W. (Apt. 9)—Furnished room to let.
Aug.14-2t
140TH ST., 151 W. —Large, neatly furnished room; suitable for chef; $10; girls preferred; call between 4 and 7 p. m.
Aug.14-2t
140TH ST., 149 W. (Apt. 61)—Furnished single room; refined people only. Phone Edge. 2405.
Aug.14-2t
140TH ST., 133 W. (Apt. 60)—Large, private, furnished or unfurnished rooms, $6 week, elevator service. Call all week.
Aug.14-2t
140TH ST., 101 W. (Apt. 32)—Light, neatly furnished front room; near subway.
Aug.14-2t
140TH ST., 101 W. (Apt. 55)—Neatly furnished, large, private room; reasonable; telephone; elevator service.
Aug.14-2t
140TH ST., 149 W. (Apt. 44)—Large, neatly furnished room, all conveniences, reasonable. Bradhurst 10026. Clark.
Aug.14-2t
140TH ST., 229 W. (Apt. 3-W)—Furnished rooms, private, all conveniences. Edgecombe 4076.
Aug.14-2t
140TH ST., 224-W. (Apt. 5)—Neatly furnished room for single or couple or two friends, telephone service.
Aug.14-2t
140TH ST., 133 W. (Apt. 45)—Large and small, neatly furnished rooms to rent. Telephone.
Aug.7-2t
140TH ST., 216 W. (Apt. 6)—Neatly furnished room.
Aug.14-2t
140TH ST., 63 W. (Apt. 1)—Furnished room, suitable for single person. Bradhurst 9225.
July24-4t
140TH ST., 171 W. —Large, light front room, with conveniences, for single; use of kitchen. Johnson.
Aug.7-2t
140TH ST., 173 W. —Very desirable room for couple; man and wife or single party; use of kitchen. Mrs. Lucas.
Aug.7-2t
140TH ST., 101 W. (Apt. 36)—Large front room to rent, with all conveniences.
Aug.7-2t
140TH ST., 149 W. (Apt. 43)—Room for one gentleman; all conveniences.
Aug.14-2t
140TH ST., 209 W. —Furnished room, with kitchen privileges. Hobbs.
Aug.14-2t
140TH ST., 66 W. (Apt. 12)—Furnished room to let; respectable single person; call after 6:30.
Aug.7-2t
140TH ST., 151 W. (Apt. 81 Pinkney Court)—Neatly furnished rooms for respectable people only, with all conveniences.
July31-4t
141ST ST., 173 W. (Apt. 5-A)—Neatly furnished rooms, $6; private, all conveniences; homelike.
Aug.14-2t
141ST ST., 100 W. —Neatly furnished room, $5; reasonable rent; quiet home. Johnson.
Aug.14-2t
141ST ST., 108 W. (Apt. 56)—Large, light furnished room; suitable for couple; respectable persons only.
Aug.14-2t
141ST ST., 227 W. (Apt. 24)—Neatly furnished room; private elevator apartment; couple or two men. Bradhurst 9054.
Aug.7-2t
141ST ST., 208 W. (Apt. 3)—Neatly furnished room, $4 and $5.
Aug.7-2t
141ST ST., 204 W. (Apt. 2)—Furnished room, for respectable people only; $5 and $6 up.
Aug.7-2t
141ST ST., 222 W. (Apt. 10)—Neatly furnished room for couple or 2 people; call evenings.
Aug.14-2t
141ST ST., 127 W. (Apt. 25)—Furnished room for couple or 2 people; call evenings.
Aug.14-2t
141ST ST., 117 W. (Apt. 40)—Large room, suitable for two friends or couple; telephone service; family. Kinard.
Aug.14-2t
141ST ST., 221 W. (Apt. 7)—Neatly furnished room, kitchenette, private and privileges, rent reasonable.
Aug.14-2t
141ST ST., 201 W. (Apt. 51)—Neatly furnished room, suitable for one or two respectable persons. Phone Bradhurst 5865.
Aug.14-2t
141ST ST., 209 W. (Apt. 2)—Large room, well furnished, $4.50. Edgecombe 9907.
Aug.14-2t
141ST ST., 115 W. (Apt. 1-F)—Furnished room; private family; call evenings after 7. Mornings before 10 a. m.
Aug.14-2t
141ST ST., 173 W. (Apt. 4-C)—Neatly furnished room, large. Audubon 8988.
Aug.14-4t
